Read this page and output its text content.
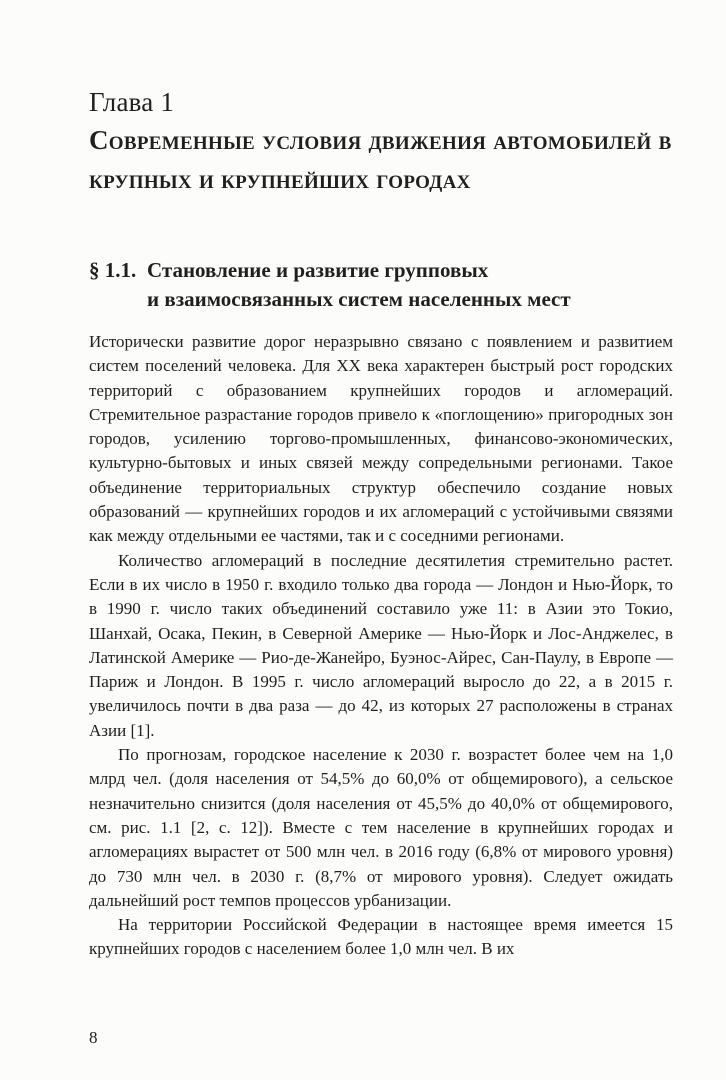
Глава 1
Современные условия движения автомобилей в крупных и крупнейших городах
§ 1.1. Становление и развитие групповых
и взаимосвязанных систем населенных мест

Исторически развитие дорог неразрывно связано с появлением и развитием систем поселений человека. Для XX века характерен быстрый рост городских территорий с образованием крупнейших городов и агломераций. Стремительное разрастание городов привело к «поглощению» пригородных зон городов, усилению торгово-промышленных, финансово-экономических, культурно-бытовых и иных связей между сопредельными регионами. Такое объединение территориальных структур обеспечило создание новых образований — крупнейших городов и их агломераций с устойчивыми связями как между отдельными ее частями, так и с соседними регионами.

Количество агломераций в последние десятилетия стремительно растет. Если в их число в 1950 г. входило только два города — Лондон и Нью-Йорк, то в 1990 г. число таких объединений составило уже 11: в Азии это Токио, Шанхай, Осака, Пекин, в Северной Америке — Нью-Йорк и Лос-Анджелес, в Латинской Америке — Рио-де-Жанейро, Буэнос-Айрес, Сан-Паулу, в Европе — Париж и Лондон. В 1995 г. число агломераций выросло до 22, а в 2015 г. увеличилось почти в два раза — до 42, из которых 27 расположены в странах Азии [1].

По прогнозам, городское население к 2030 г. возрастет более чем на 1,0 млрд чел. (доля населения от 54,5% до 60,0% от общемирового), а сельское незначительно снизится (доля населения от 45,5% до 40,0% от общемирового, см. рис. 1.1 [2, с. 12]). Вместе с тем население в крупнейших городах и агломерациях вырастет от 500 млн чел. в 2016 году (6,8% от мирового уровня) до 730 млн чел. в 2030 г. (8,7% от мирового уровня). Следует ожидать дальнейший рост темпов процессов урбанизации.

На территории Российской Федерации в настоящее время имеется 15 крупнейших городов с населением более 1,0 млн чел. В их

8
